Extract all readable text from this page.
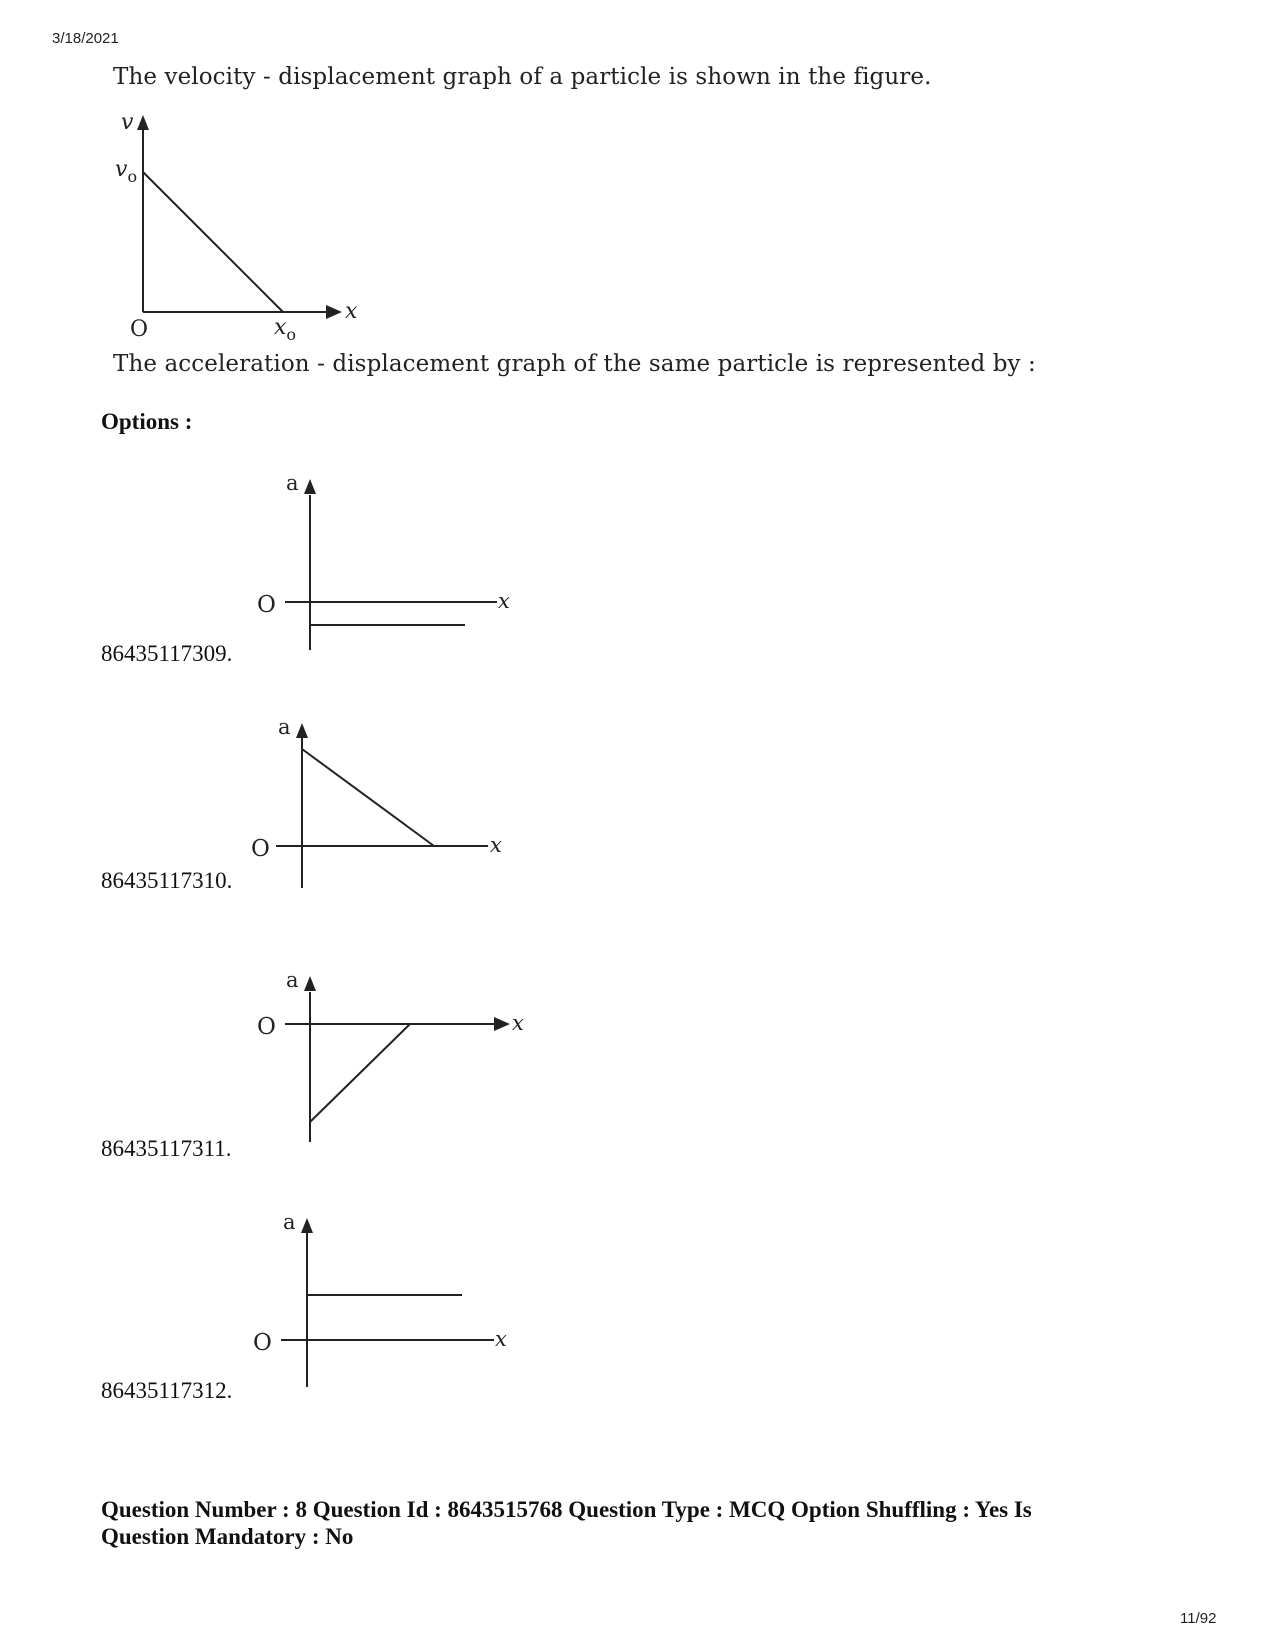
3/18/2021
The velocity - displacement graph of a particle is shown in the figure.
v
$v_o$
O	$x_o$
x
The acceleration - displacement graph of the same particle is represented by :
Options :
a
O	x
a
O	x
a
O	x
a
O	x
86435117309.
86435117310.
86435117311.
86435117312.
Question Number : 8 Question Id : 8643515768 Question Type : MCQ Option Shuffling : Yes Is
Question Mandatory : No
11/92
